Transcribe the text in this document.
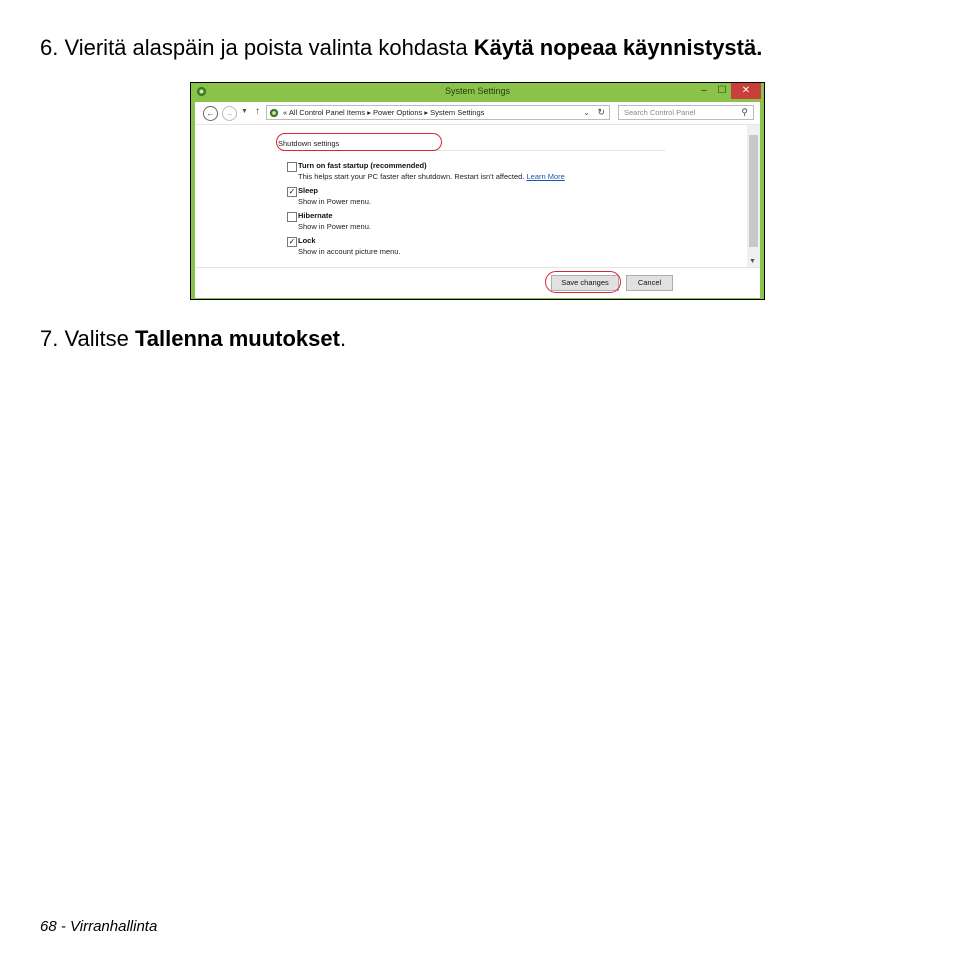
6. Vieritä alaspäin ja poista valinta kohdasta Käytä nopeaa käynnistystä.
System Settings	–	☐	✕
←	→	▼ ↑	« All Control Panel Items ▸ Power Options ▸ System Settings	⌄ ↻	Search Control Panel	⚲
Shutdown settings
Turn on fast startup (recommended)
This helps start your PC faster after shutdown. Restart isn't affected. Learn More
✓ Sleep
Show in Power menu.
Hibernate
Show in Power menu.
✓ Lock
Show in account picture menu.
▼
Save changes	Cancel
7. Valitse Tallenna muutokset.
68 - Virranhallinta
